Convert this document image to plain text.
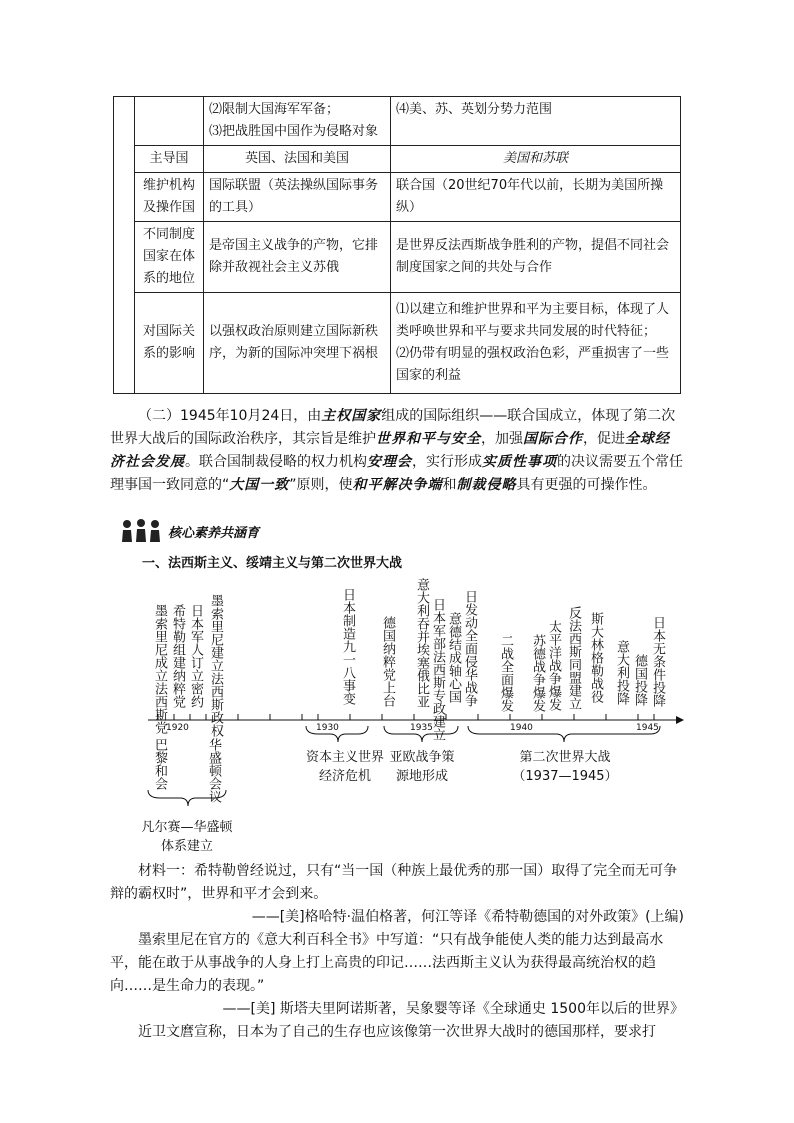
		⑵限制大国海军军备；
⑶把战胜国中国作为侵略对象	⑷美、苏、英划分势力范围
	主导国	英国、法国和美国	美国和苏联
	维护机构及操作国	国际联盟（英法操纵国际事务的工具）	联合国（20世纪70年代以前，长期为美国所操纵）
	不同制度国家在体系的地位	是帝国主义战争的产物，它排除并敌视社会主义苏俄	是世界反法西斯战争胜利的产物，提倡不同社会制度国家之间的共处与合作
	对国际关系的影响	以强权政治原则建立国际新秩序，为新的国际冲突埋下祸根	⑴以建立和维护世界和平为主要目标，体现了人类呼唤世界和平与要求共同发展的时代特征；
⑵仍带有明显的强权政治色彩，严重损害了一些国家的利益

（二）1945年10月24日，由主权国家组成的国际组织——联合国成立，体现了第二次世界大战后的国际政治秩序，其宗旨是维护世界和平与安全，加强国际合作，促进全球经济社会发展。联合国制裁侵略的权力机构安理会，实行形成实质性事项的决议需要五个常任理事国一致同意的“大国一致”原则，使和平解决争端和制裁侵略具有更强的可操作性。

核心素养共涵育
一、法西斯主义、绥靖主义与第二次世界大战
1920	1930	1935	1940	1945
墨索里尼成立法西斯党	墨索里尼建立法西斯政权
希特勒组建纳粹党 日本军人订立密约	日本制造九一八事变 德国纳粹党上台 意大利吞并埃塞俄比亚 日本军部法西斯专政建立 意德结成轴心国 日发动全面侵华战争 二战全面爆发 苏德战争爆发 太平洋战争爆发 反法西斯同盟建立 斯大林格勒战役 意大利投降 德国投降 日本无条件投降
巴黎和会	华盛顿会议
凡尔赛—华盛顿体系建立
资本主义世界经济危机
亚欧战争策源地形成
第二次世界大战
（1937—1945）

材料一：希特勒曾经说过，只有“当一国（种族上最优秀的那一国）取得了完全而无可争辩的霸权时”，世界和平才会到来。

——[美]格哈特·温伯格著，何江等译《希特勒德国的对外政策》(上编)

墨索里尼在官方的《意大利百科全书》中写道：“只有战争能使人类的能力达到最高水平，能在敢于从事战争的人身上打上高贵的印记……法西斯主义认为获得最高统治权的趋向……是生命力的表现。”

——[美] 斯塔夫里阿诺斯著，吴象婴等译《全球通史 1500年以后的世界》

近卫文麿宣称，日本为了自己的生存也应该像第一次世界大战时的德国那样，要求打
